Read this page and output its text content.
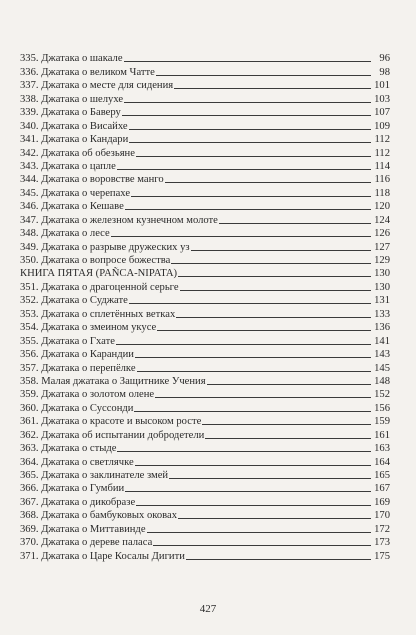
335. Джатака о шакале	96
336. Джатака о великом Чатте	98
337. Джатака о месте для сидения	101
338. Джатака о шелухе	103
339. Джатака о Баверу	107
340. Джатака о Висайхе	109
341. Джатака о Кандари	112
342. Джатака об обезьяне	112
343. Джатака о цапле	114
344. Джатака о воровстве манго	116
345. Джатака о черепахе	118
346. Джатака о Кешаве	120
347. Джатака о железном кузнечном молоте	124
348. Джатака о лесе	126
349. Джатака о разрыве дружеских уз	127
350. Джатака о вопросе божества	129
КНИГА ПЯТАЯ (PAÑCA-NIPATA)	130
351. Джатака о драгоценной серьге	130
352. Джатака о Суджате	131
353. Джатака о сплетённых ветках	133
354. Джатака о змеином укусе	136
355. Джатака о Гхате	141
356. Джатака о Карандии	143
357. Джатака о перепёлке	145
358. Малая джатака о Защитнике Учения	148
359. Джатака о золотом олене	152
360. Джатака о Суссонди	156
361. Джатака о красоте и высоком росте	159
362. Джатака об испытании добродетели	161
363. Джатака о стыде	163
364. Джатака о светлячке	164
365. Джатака о заклинателе змей	165
366. Джатака о Гумбии	167
367. Джатака о дикобразе	169
368. Джатака о бамбуковых оковах	170
369. Джатака о Миттавинде	172
370. Джатака о дереве паласа	173
371. Джатака о Царе Косалы Дигити	175
427
